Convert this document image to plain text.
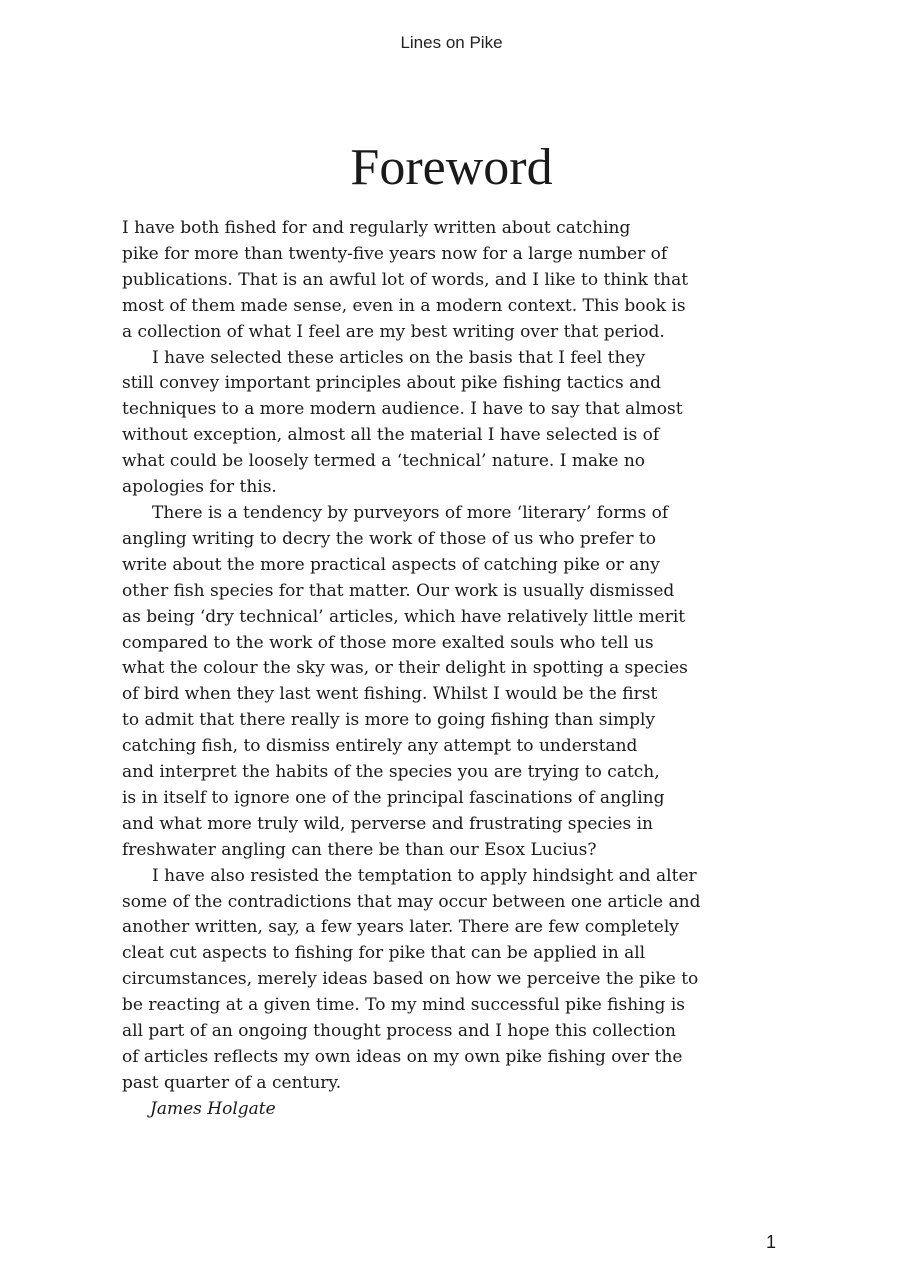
Lines on Pike
Foreword

I have both fished for and regularly written about catching
pike for more than twenty-five years now for a large number of
publications. That is an awful lot of words, and I like to think that
most of them made sense, even in a modern context. This book is
a collection of what I feel are my best writing over that period.

I have selected these articles on the basis that I feel they
still convey important principles about pike fishing tactics and
techniques to a more modern audience. I have to say that almost
without exception, almost all the material I have selected is of
what could be loosely termed a ‘technical’ nature. I make no
apologies for this.

There is a tendency by purveyors of more ‘literary’ forms of
angling writing to decry the work of those of us who prefer to
write about the more practical aspects of catching pike or any
other fish species for that matter. Our work is usually dismissed
as being ‘dry technical’ articles, which have relatively little merit
compared to the work of those more exalted souls who tell us
what the colour the sky was, or their delight in spotting a species
of bird when they last went fishing. Whilst I would be the first
to admit that there really is more to going fishing than simply
catching fish, to dismiss entirely any attempt to understand
and interpret the habits of the species you are trying to catch,
is in itself to ignore one of the principal fascinations of angling
and what more truly wild, perverse and frustrating species in
freshwater angling can there be than our Esox Lucius?

I have also resisted the temptation to apply hindsight and alter
some of the contradictions that may occur between one article and
another written, say, a few years later. There are few completely
cleat cut aspects to fishing for pike that can be applied in all
circumstances, merely ideas based on how we perceive the pike to
be reacting at a given time. To my mind successful pike fishing is
all part of an ongoing thought process and I hope this collection
of articles reflects my own ideas on my own pike fishing over the
past quarter of a century.

James Holgate

1
